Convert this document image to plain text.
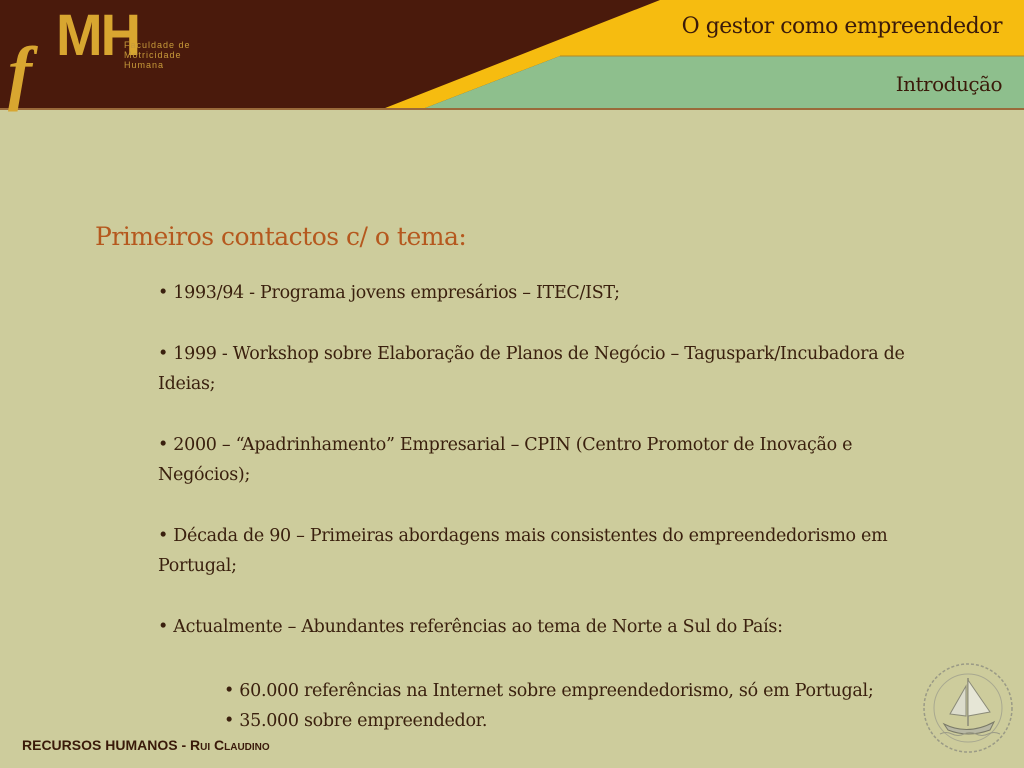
f MH
Faculdade de
Motricidade
Humana
O gestor como empreendedor
Introdução
Primeiros contactos c/ o tema:
• 1993/94 - Programa jovens empresários – ITEC/IST;
• 1999 - Workshop sobre Elaboração de Planos de Negócio – Taguspark/Incubadora de Ideias;
• 2000 – “Apadrinhamento” Empresarial – CPIN (Centro Promotor de Inovação e Negócios);
• Década de 90 – Primeiras abordagens mais consistentes do empreendedorismo em Portugal;
• Actualmente – Abundantes referências ao tema de Norte a Sul do País:
• 60.000 referências na Internet sobre empreendedorismo, só em Portugal;
• 35.000 sobre empreendedor.
RECURSOS HUMANOS - Rui Claudino
